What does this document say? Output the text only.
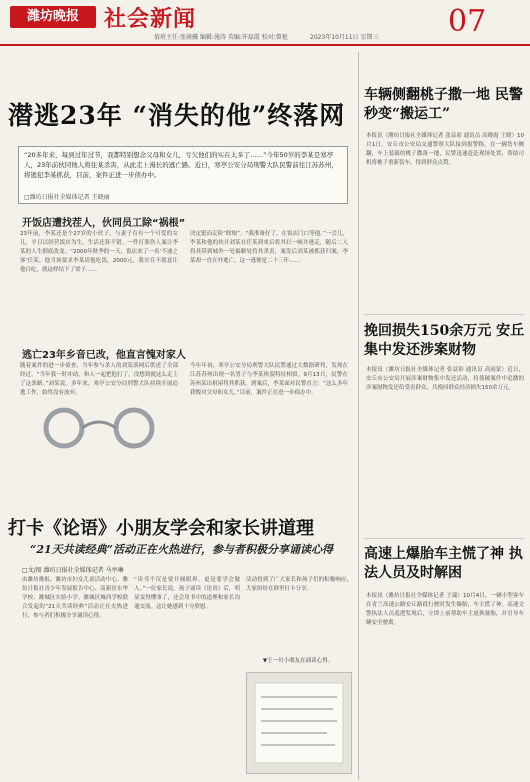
潍坊晚报	社会新闻	07
值班主任:张骏骥 编辑:施涛 英编:许磊霞 校对:曾艳	2023年10月11日 星期三
潜逃23年 “消失的他”终落网
“20多年来，每到过年过节，我都特别想念父母和女儿，亏欠他们的实在太多了……”今年50岁的李某是寒亭人，23年前伙同他人将住某杀害，从此走上漫长的逃亡路。近日，寒亭公安分局刑警大队民警前往江苏苏州，将逃犯李某抓获，目前，案件正进一步侦办中。
□潍坊日报社全媒体记者 王晓丽
开饭店遭找茬人，伙同员工除“祸根”
23年前，李某还是个27岁的小伙子，与妻子育有一个可爱的女儿，平日以经营饭店为生，生活还算不错。一件打架伤人案让李某的人生彻底改变。“2000年秋季的一天，饭店来了一名‘不速之客’任某，他当场要求李某请他吃饭，2000元，我实在不愿意让他白吃，就这样结下了梁子……
决定铤而走险“除根”。“我准备好了，在饭店门口等他。”一会儿，李某和他的伙计刘某在任某到来后将其打一顿并逃走，随后二人将其带到城外一处偏僻处将其杀害，案发后刘某被抓获归案，李某却一直在外逃亡，这一逃便是二十三年……
逃亡23年乡音已改，他直言愧对家人
随着案件的进一步侦查，当年参与杀人的刘某落网后供述了全部经过。“当年我一时冲动，和人一起把他打了，没想到就这么走上了这条路。”刘某说。多年来，寒亭公安分局刑警大队持续开展追逃工作，始终没有放弃。
今年年初，寒亭公安分局刑警大队民警通过大数据研判，发现在江苏苏州出现一名男子与李某体貌特征相似。9月13日，民警在苏州某出租屋将其抓获。到案后，李某面对民警直言：“这么多年我愧对父母和女儿。”目前，案件正在进一步侦办中。
打卡《论语》小朋友学会和家长讲道理
“21天共读经典”活动正在火热进行，参与者积极分享诵读心得
□文/图 潍坊日报社全媒体记者 马亭琳
由潍坊晚报、潍坊市妇女儿童活动中心、潍坊日报社青少年发展报告中心、高新区东华学校、潍城区实验小学、潍城区城西学校联合发起的“21天共读经典”活动正在火热进行，参与者们积极分享诵读心得。
“读书不仅是要开阔眼界，更是要学会做人。”一位家长说，孩子诵读《论语》后，明显变得懂事了，还会用书中的道理和家长沟通交流。这让她感到十分欣慰。
活动得到了广大家长和孩子们的积极响应，大家纷纷在群里打卡分享。
▼王一川小朋友在诵读心得。
车辆侧翻桃子撒一地 民警秒变“搬运工”
本报讯（潍坊日报社全媒体记者 张益彩 通讯员 高晓霞 王晓）10月1日，安丘市公安局交通警察大队接到报警称，在一辆货车侧翻，车上装载的桃子撒落一地，民警迅速赶赴现场处置，帮助司机将桃子重新装车，得到群众点赞。
挽回损失150余万元 安丘集中发还涉案财物
本报讯（潍坊日报社全媒体记者 张益彩 通讯员 高雨蒙）近日，安丘市公安局开展涉案财物集中发还活动，将侦破案件中追缴的涉案财物发还给受害群众，共挽回群众经济损失150余万元。
高速上爆胎车主慌了神 执法人员及时解困
本报讯（潍坊日报社全媒体记者 王瑞）10月4日，一辆小型客车在青兰高速公路安丘路段行驶时发生爆胎，车主慌了神。高速交警执法人员巡逻发现后，立即上前帮助车主更换备胎，并引导车辆安全驶离。
